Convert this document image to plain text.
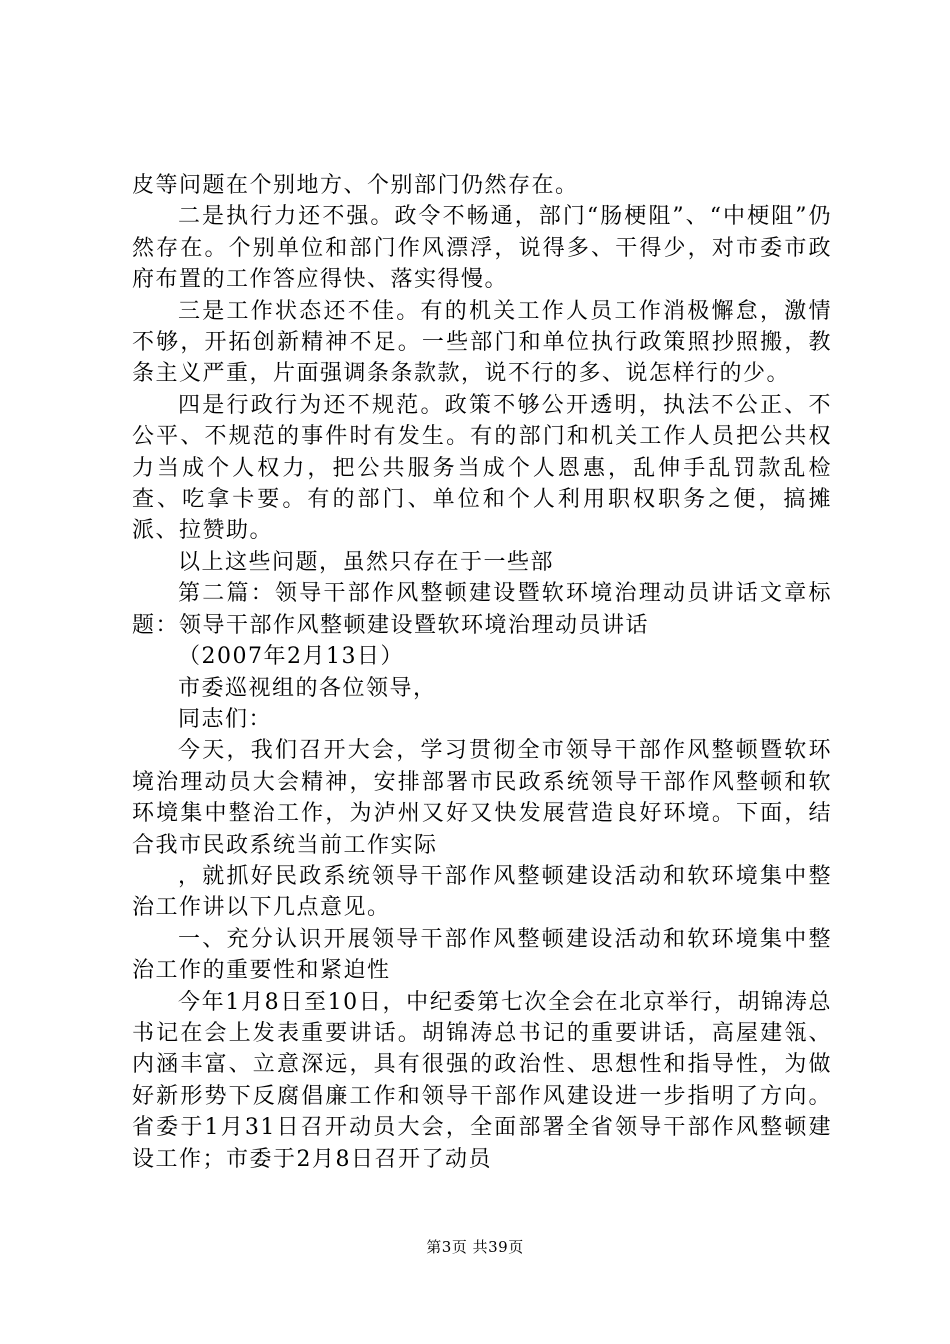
皮等问题在个别地方、个别部门仍然存在。

二是执行力还不强。政令不畅通，部门“肠梗阻”、“中梗阻”仍然存在。个别单位和部门作风漂浮，说得多、干得少，对市委市政府布置的工作答应得快、落实得慢。

三是工作状态还不佳。有的机关工作人员工作消极懈怠，激情不够，开拓创新精神不足。一些部门和单位执行政策照抄照搬，教条主义严重，片面强调条条款款，说不行的多、说怎样行的少。

四是行政行为还不规范。政策不够公开透明，执法不公正、不公平、不规范的事件时有发生。有的部门和机关工作人员把公共权力当成个人权力，把公共服务当成个人恩惠，乱伸手乱罚款乱检查、吃拿卡要。有的部门、单位和个人利用职权职务之便，搞摊派、拉赞助。

以上这些问题，虽然只存在于一些部

第二篇：领导干部作风整顿建设暨软环境治理动员讲话文章标题：领导干部作风整顿建设暨软环境治理动员讲话

（2007年2月13日）

市委巡视组的各位领导，

同志们：

今天，我们召开大会，学习贯彻全市领导干部作风整顿暨软环境治理动员大会精神，安排部署市民政系统领导干部作风整顿和软环境集中整治工作，为泸州又好又快发展营造良好环境。下面，结合我市民政系统当前工作实际

，就抓好民政系统领导干部作风整顿建设活动和软环境集中整治工作讲以下几点意见。

一、充分认识开展领导干部作风整顿建设活动和软环境集中整治工作的重要性和紧迫性

今年1月8日至10日，中纪委第七次全会在北京举行，胡锦涛总书记在会上发表重要讲话。胡锦涛总书记的重要讲话，高屋建瓴、内涵丰富、立意深远，具有很强的政治性、思想性和指导性，为做好新形势下反腐倡廉工作和领导干部作风建设进一步指明了方向。省委于1月31日召开动员大会，全面部署全省领导干部作风整顿建设工作；市委于2月8日召开了动员

第3页 共39页
